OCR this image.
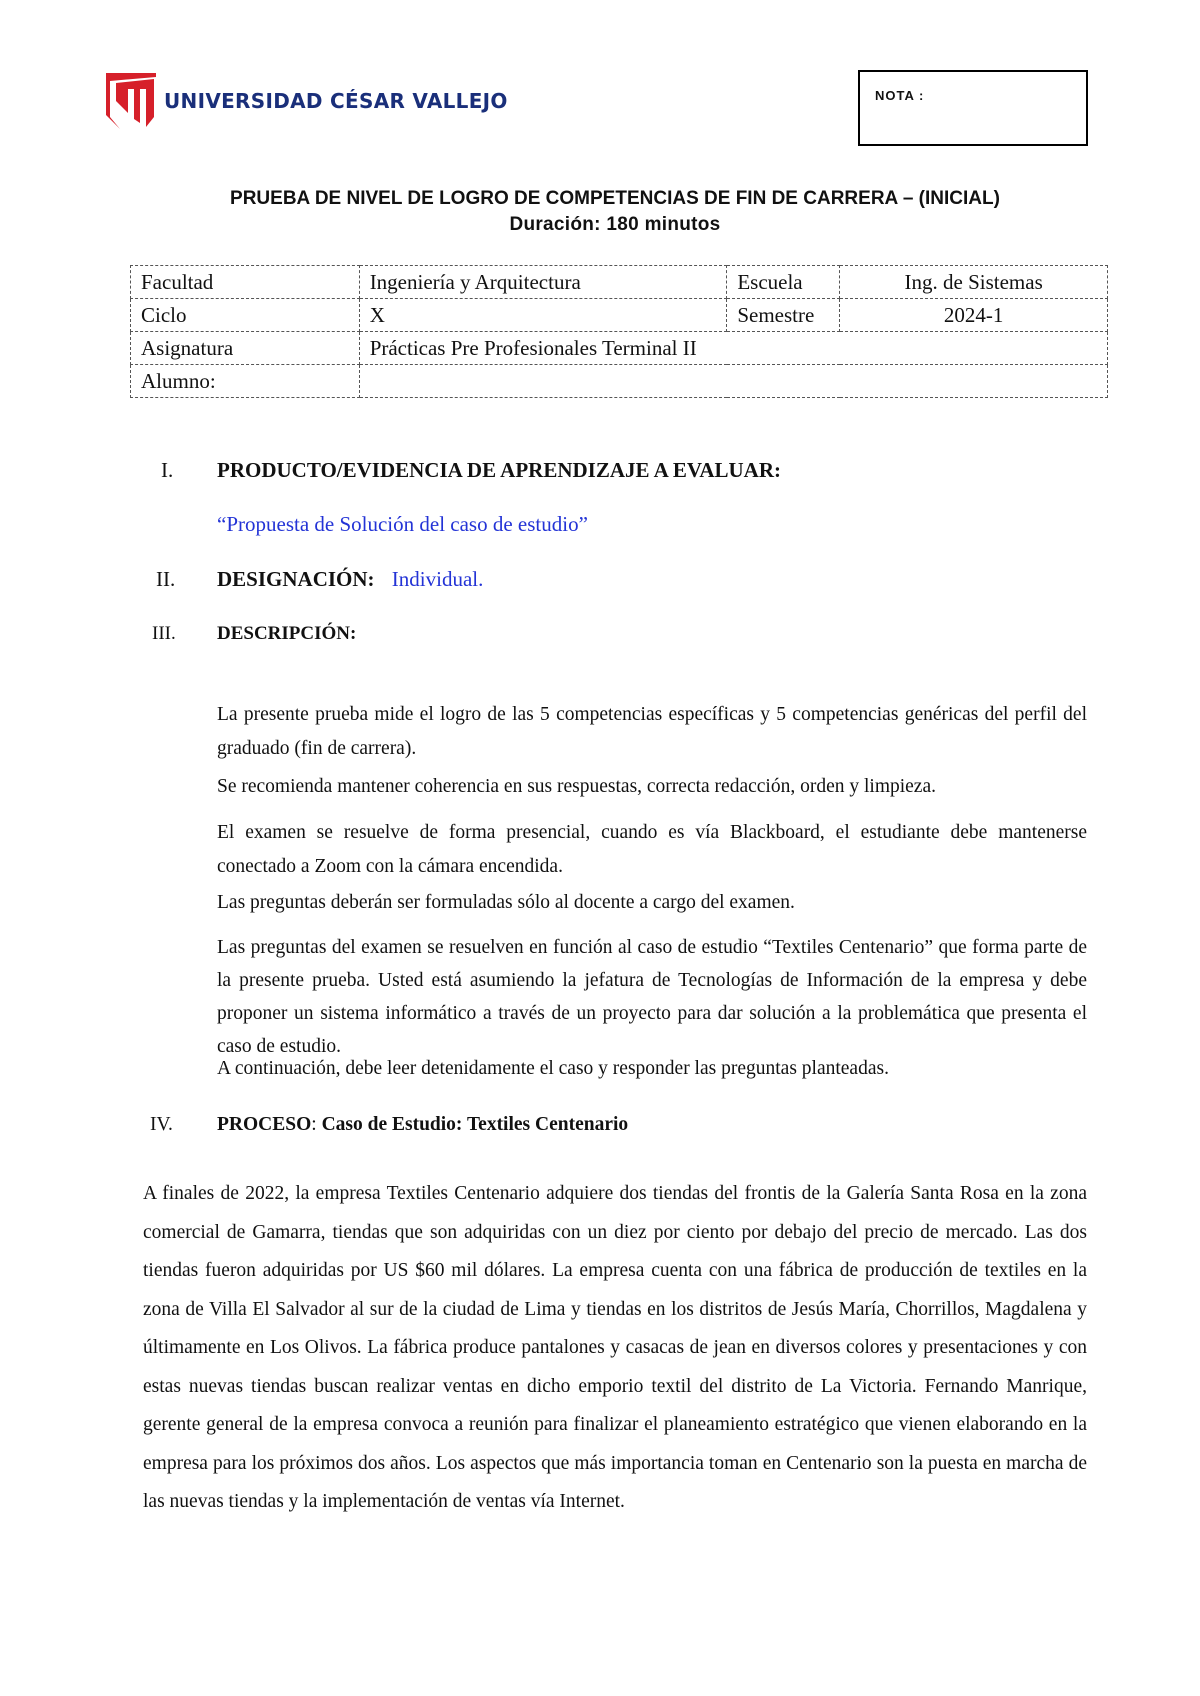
UNIVERSIDAD CÉSAR VALLEJO	NOTA :
PRUEBA DE NIVEL DE LOGRO DE COMPETENCIAS DE FIN DE CARRERA – (INICIAL)
Duración: 180 minutos
Facultad	Ingeniería y Arquitectura	Escuela	Ing. de Sistemas
Ciclo	X	Semestre	2024-1
Asignatura	Prácticas Pre Profesionales Terminal II		
Alumno:			
I. PRODUCTO/EVIDENCIA DE APRENDIZAJE A EVALUAR:
“Propuesta de Solución del caso de estudio”
II. DESIGNACIÓN: Individual.
III. DESCRIPCIÓN:
La presente prueba mide el logro de las 5 competencias específicas y 5 competencias genéricas del perfil del graduado (fin de carrera).
Se recomienda mantener coherencia en sus respuestas, correcta redacción, orden y limpieza.
El examen se resuelve de forma presencial, cuando es vía Blackboard, el estudiante debe mantenerse conectado a Zoom con la cámara encendida.
Las preguntas deberán ser formuladas sólo al docente a cargo del examen.
Las preguntas del examen se resuelven en función al caso de estudio “Textiles Centenario” que forma parte de la presente prueba. Usted está asumiendo la jefatura de Tecnologías de Información de la empresa y debe proponer un sistema informático a través de un proyecto para dar solución a la problemática que presenta el caso de estudio.
A continuación, debe leer detenidamente el caso y responder las preguntas planteadas.
IV. PROCESO: Caso de Estudio: Textiles Centenario
A finales de 2022, la empresa Textiles Centenario adquiere dos tiendas del frontis de la Galería Santa Rosa en la zona comercial de Gamarra, tiendas que son adquiridas con un diez por ciento por debajo del precio de mercado. Las dos tiendas fueron adquiridas por US $60 mil dólares. La empresa cuenta con una fábrica de producción de textiles en la zona de Villa El Salvador al sur de la ciudad de Lima y tiendas en los distritos de Jesús María, Chorrillos, Magdalena y últimamente en Los Olivos. La fábrica produce pantalones y casacas de jean en diversos colores y presentaciones y con estas nuevas tiendas buscan realizar ventas en dicho emporio textil del distrito de La Victoria. Fernando Manrique, gerente general de la empresa convoca a reunión para finalizar el planeamiento estratégico que vienen elaborando en la empresa para los próximos dos años. Los aspectos que más importancia toman en Centenario son la puesta en marcha de las nuevas tiendas y la implementación de ventas vía Internet.
